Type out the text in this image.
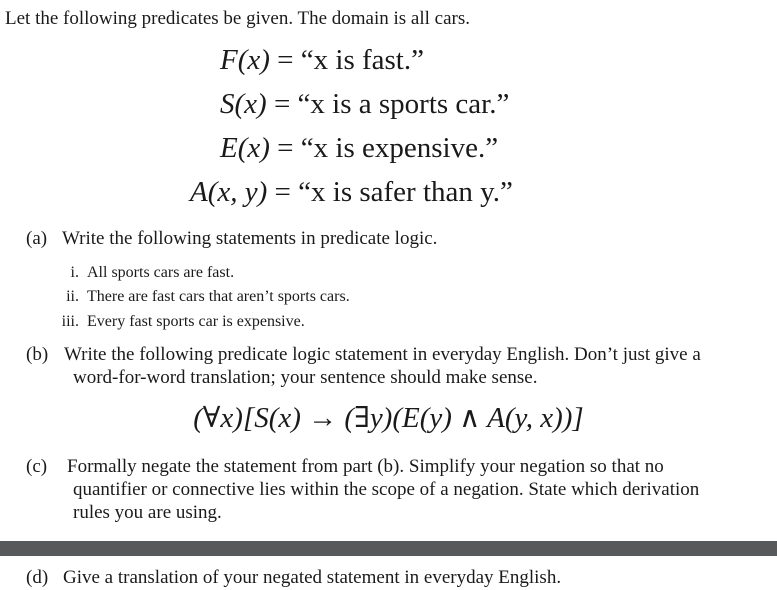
Let the following predicates be given. The domain is all cars.
F(x) = “x is fast.”
S(x) = “x is a sports car.”
E(x) = “x is expensive.”
A(x, y) = “x is safer than y.”
(a) Write the following statements in predicate logic.
i. All sports cars are fast.
ii. There are fast cars that aren’t sports cars.
iii. Every fast sports car is expensive.
(b) Write the following predicate logic statement in everyday English. Don’t just give a
word-for-word translation; your sentence should make sense.
(∀x)[S(x) → (∃y)(E(y) ∧ A(y, x))]
(c) Formally negate the statement from part (b). Simplify your negation so that no
quantifier or connective lies within the scope of a negation. State which derivation
rules you are using.
(d) Give a translation of your negated statement in everyday English.
